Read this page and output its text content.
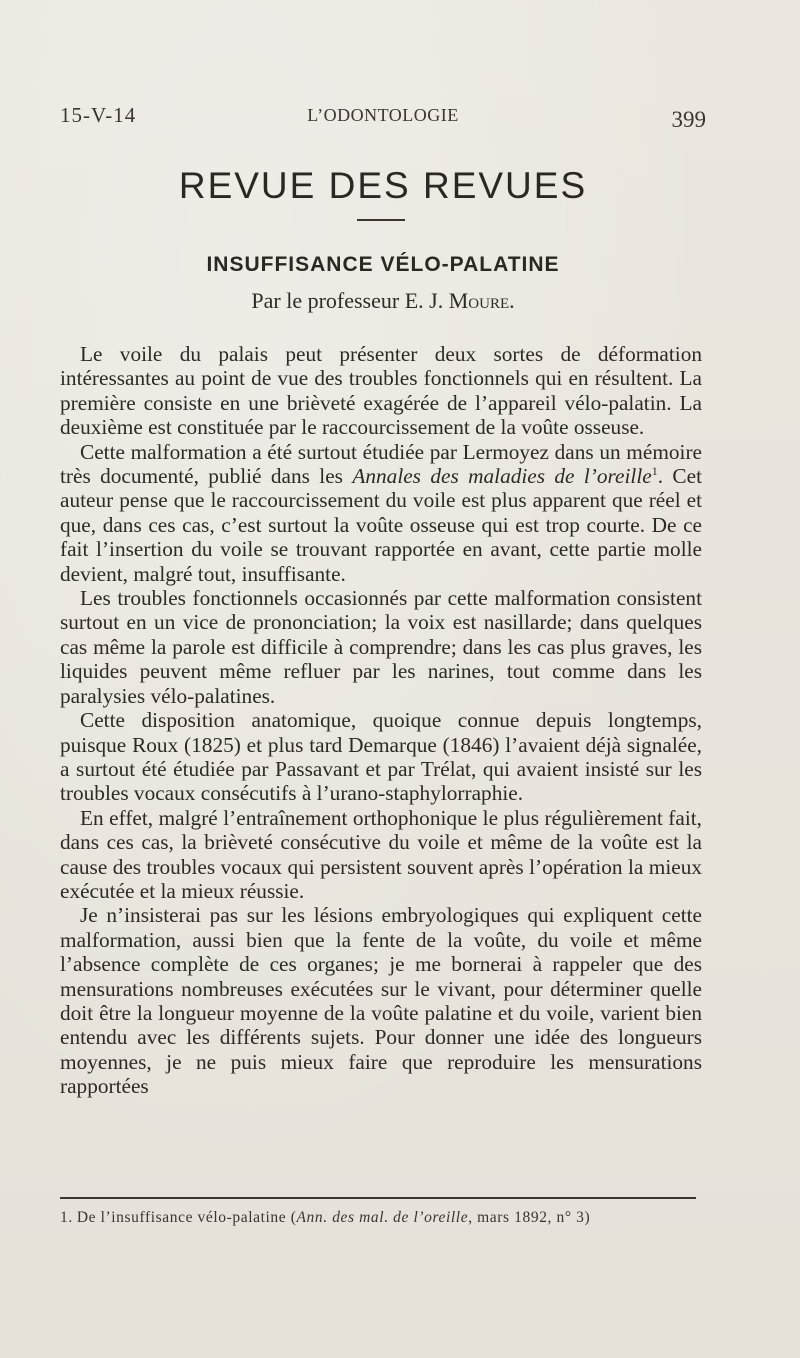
15-V-14	L’ODONTOLOGIE	399
REVUE DES REVUES
INSUFFISANCE VÉLO-PALATINE
Par le professeur E. J. Moure.

Le voile du palais peut présenter deux sortes de déformation intéressantes au point de vue des troubles fonctionnels qui en résultent. La première consiste en une brièveté exagérée de l’appareil vélo-palatin. La deuxième est constituée par le raccourcissement de la voûte osseuse.

Cette malformation a été surtout étudiée par Lermoyez dans un mémoire très documenté, publié dans les Annales des maladies de l’oreille$^1$. Cet auteur pense que le raccourcissement du voile est plus apparent que réel et que, dans ces cas, c’est surtout la voûte osseuse qui est trop courte. De ce fait l’insertion du voile se trouvant rapportée en avant, cette partie molle devient, malgré tout, insuffisante.

Les troubles fonctionnels occasionnés par cette malformation consistent surtout en un vice de prononciation; la voix est nasillarde; dans quelques cas même la parole est difficile à comprendre; dans les cas plus graves, les liquides peuvent même refluer par les narines, tout comme dans les paralysies vélo-palatines.

Cette disposition anatomique, quoique connue depuis longtemps, puisque Roux (1825) et plus tard Demarque (1846) l’avaient déjà signalée, a surtout été étudiée par Passavant et par Trélat, qui avaient insisté sur les troubles vocaux consécutifs à l’urano-staphylorraphie.

En effet, malgré l’entraînement orthophonique le plus régulièrement fait, dans ces cas, la brièveté consécutive du voile et même de la voûte est la cause des troubles vocaux qui persistent souvent après l’opération la mieux exécutée et la mieux réussie.

Je n’insisterai pas sur les lésions embryologiques qui expliquent cette malformation, aussi bien que la fente de la voûte, du voile et même l’absence complète de ces organes; je me bornerai à rappeler que des mensurations nombreuses exécutées sur le vivant, pour déterminer quelle doit être la longueur moyenne de la voûte palatine et du voile, varient bien entendu avec les différents sujets. Pour donner une idée des longueurs moyennes, je ne puis mieux faire que reproduire les mensurations rapportées

1. De l’insuffisance vélo-palatine (Ann. des mal. de l’oreille, mars 1892, n° 3)
